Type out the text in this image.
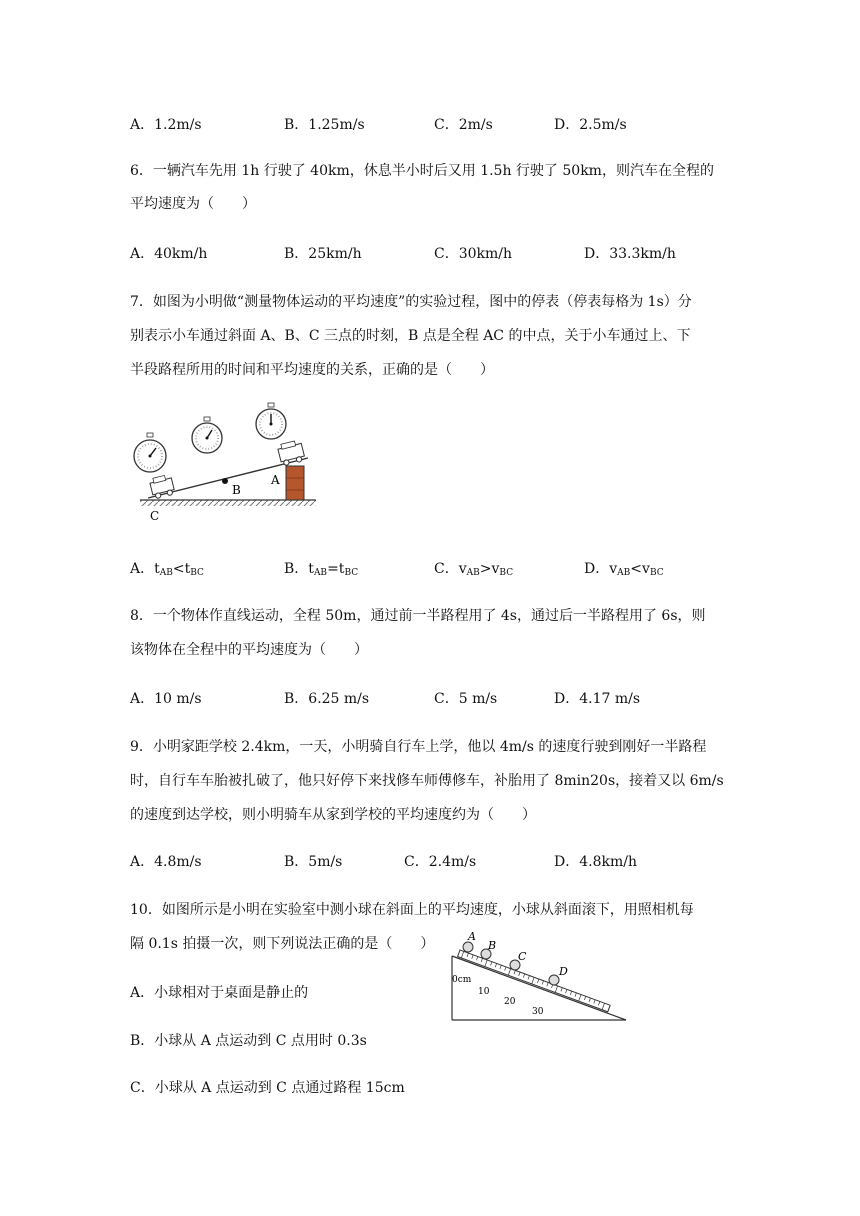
A．1.2m/s	B．1.25m/s	C．2m/s	D．2.5m/s
6．一辆汽车先用 1h 行驶了 40km，休息半小时后又用 1.5h 行驶了 50km，则汽车在全程的
平均速度为（　　）
A．40km/h	B．25km/h	C．30km/h	D．33.3km/h
7．如图为小明做“测量物体运动的平均速度”的实验过程，图中的停表（停表每格为 1s）分
别表示小车通过斜面 A、B、C 三点的时刻，B 点是全程 AC 的中点，关于小车通过上、下
半段路程所用的时间和平均速度的关系，正确的是（　　）
B
A
C
A．$t_{AB}<t_{BC}$	B．$t_{AB}=t_{BC}$	C．$v_{AB}>v_{BC}$	D．$v_{AB}<v_{BC}$
8．一个物体作直线运动，全程 50m，通过前一半路程用了 4s，通过后一半路程用了 6s，则
该物体在全程中的平均速度为（　　）
A．10 m/s	B．6.25 m/s	C．5 m/s	D．4.17 m/s
9．小明家距学校 2.4km，一天，小明骑自行车上学，他以 4m/s 的速度行驶到刚好一半路程
时，自行车车胎被扎破了，他只好停下来找修车师傅修车，补胎用了 8min20s，接着又以 6m/s
的速度到达学校，则小明骑车从家到学校的平均速度约为（　　）
A．4.8m/s	B．5m/s	C．2.4m/s	D．4.8km/h
10．如图所示是小明在实验室中测小球在斜面上的平均速度，小球从斜面滚下，用照相机每
隔 0.1s 拍摄一次，则下列说法正确的是（　　）	A
B
C
D
0cm
10
20
30
A．小球相对于桌面是静止的
B．小球从 A 点运动到 C 点用时 0.3s
C．小球从 A 点运动到 C 点通过路程 15cm
